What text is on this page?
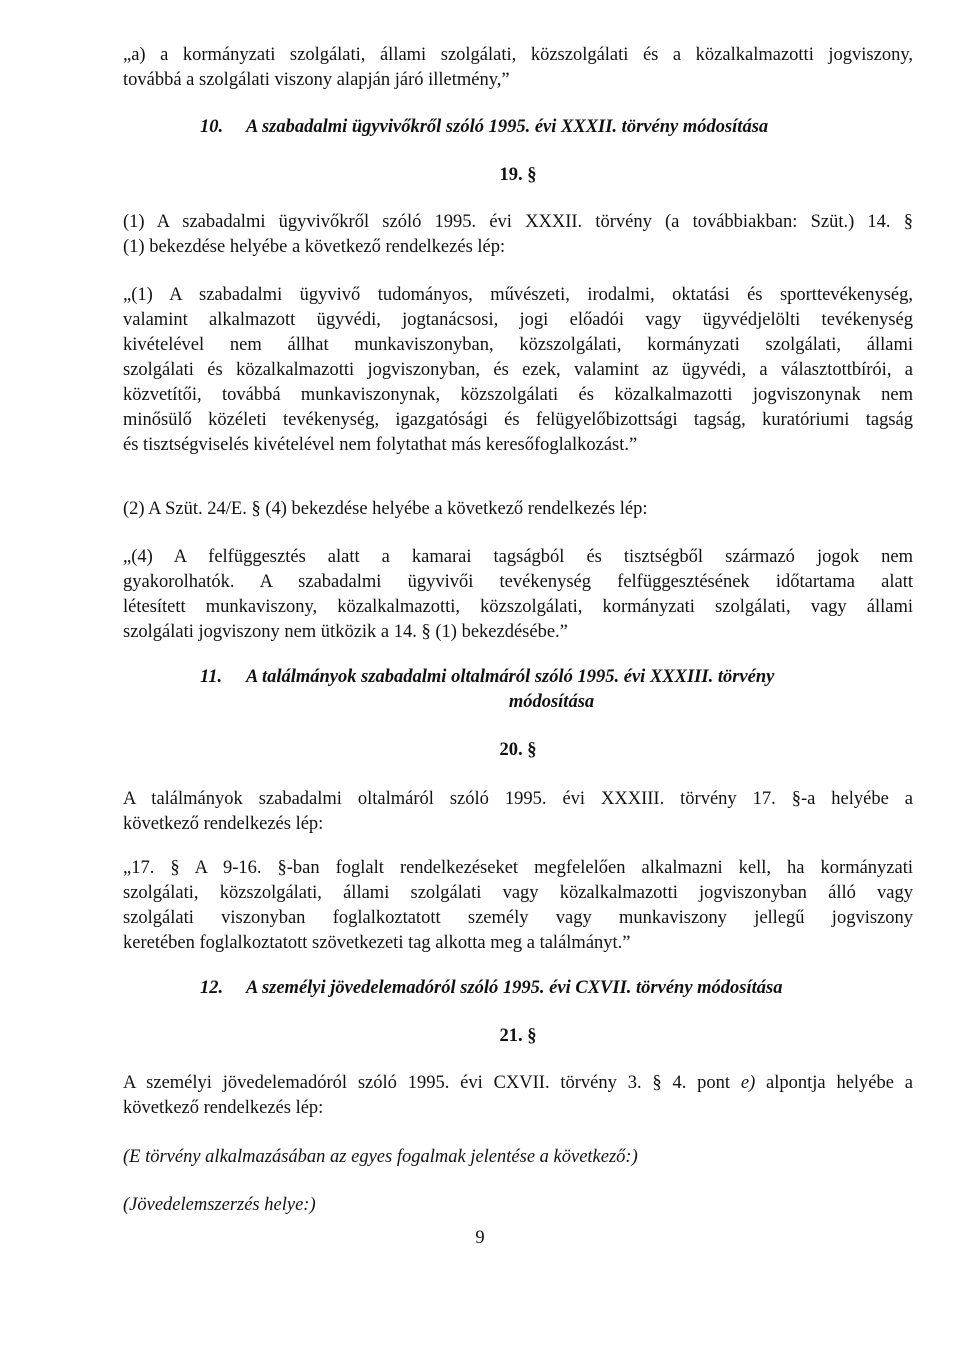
„a) a kormányzati szolgálati, állami szolgálati, közszolgálati és a közalkalmazotti jogviszony,
továbbá a szolgálati viszony alapján járó illetmény,”
10. A szabadalmi ügyvivőkről szóló 1995. évi XXXII. törvény módosítása
19. §
(1) A szabadalmi ügyvivőkről szóló 1995. évi XXXII. törvény (a továbbiakban: Szüt.) 14. §
(1) bekezdése helyébe a következő rendelkezés lép:
„(1) A szabadalmi ügyvivő tudományos, művészeti, irodalmi, oktatási és sporttevékenység,
valamint alkalmazott ügyvédi, jogtanácsosi, jogi előadói vagy ügyvédjelölti tevékenység
kivételével nem állhat munkaviszonyban, közszolgálati, kormányzati szolgálati, állami
szolgálati és közalkalmazotti jogviszonyban, és ezek, valamint az ügyvédi, a választottbírói, a
közvetítői, továbbá munkaviszonynak, közszolgálati és közalkalmazotti jogviszonynak nem
minősülő közéleti tevékenység, igazgatósági és felügyelőbizottsági tagság, kuratóriumi tagság
és tisztségviselés kivételével nem folytathat más keresőfoglalkozást.”
(2) A Szüt. 24/E. § (4) bekezdése helyébe a következő rendelkezés lép:
„(4) A felfüggesztés alatt a kamarai tagságból és tisztségből származó jogok nem
gyakorolhatók. A szabadalmi ügyvivői tevékenység felfüggesztésének időtartama alatt
létesített munkaviszony, közalkalmazotti, közszolgálati, kormányzati szolgálati, vagy állami
szolgálati jogviszony nem ütközik a 14. § (1) bekezdésébe.”
11. A találmányok szabadalmi oltalmáról szóló 1995. évi XXXIII. törvény
módosítása
20. §
A találmányok szabadalmi oltalmáról szóló 1995. évi XXXIII. törvény 17. §-a helyébe a
következő rendelkezés lép:
„17. § A 9-16. §-ban foglalt rendelkezéseket megfelelően alkalmazni kell, ha kormányzati
szolgálati, közszolgálati, állami szolgálati vagy közalkalmazotti jogviszonyban álló vagy
szolgálati viszonyban foglalkoztatott személy vagy munkaviszony jellegű jogviszony
keretében foglalkoztatott szövetkezeti tag alkotta meg a találmányt.”
12. A személyi jövedelemadóról szóló 1995. évi CXVII. törvény módosítása
21. §
A személyi jövedelemadóról szóló 1995. évi CXVII. törvény 3. § 4. pont e) alpontja helyébe a
következő rendelkezés lép:
(E törvény alkalmazásában az egyes fogalmak jelentése a következő:)
(Jövedelemszerzés helye:)
9
